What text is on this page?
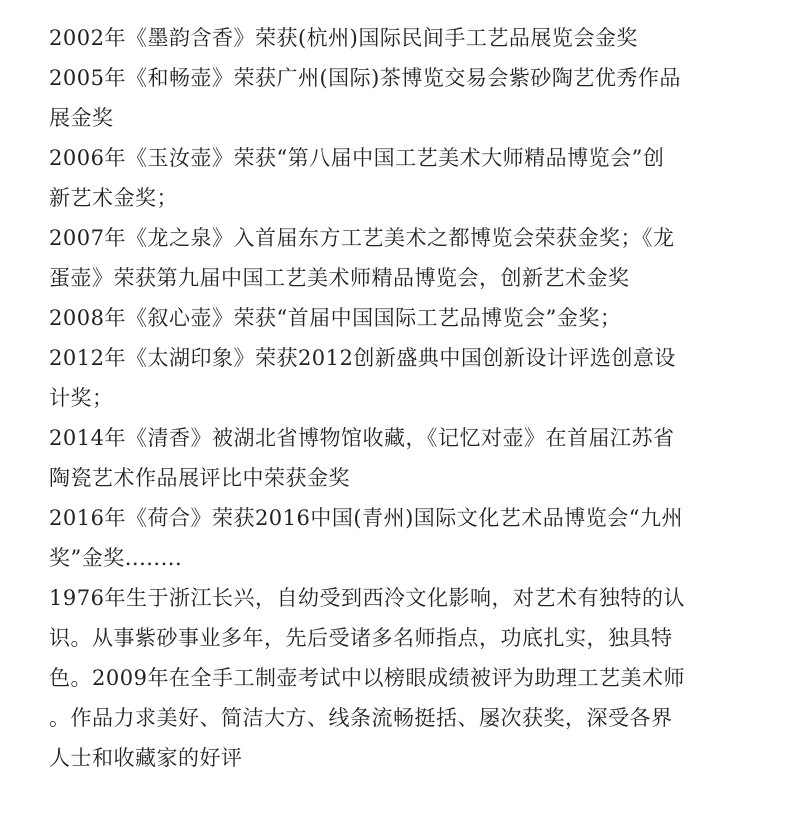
2002年《墨韵含香》荣获(杭州)国际民间手工艺品展览会金奖
2005年《和畅壶》荣获广州(国际)茶博览交易会紫砂陶艺优秀作品
展金奖
2006年《玉汝壶》荣获“第八届中国工艺美术大师精品博览会”创
新艺术金奖；
2007年《龙之泉》入首届东方工艺美术之都博览会荣获金奖；《龙
蛋壶》荣获第九届中国工艺美术师精品博览会，创新艺术金奖
2008年《叙心壶》荣获“首届中国国际工艺品博览会”金奖；
2012年《太湖印象》荣获2012创新盛典中国创新设计评选创意设
计奖；
2014年《清香》被湖北省博物馆收藏，《记忆对壶》在首届江苏省
陶瓷艺术作品展评比中荣获金奖
2016年《荷合》荣获2016中国(青州)国际文化艺术品博览会“九州
奖”金奖........
1976年生于浙江长兴，自幼受到西泠文化影响，对艺术有独特的认
识。从事紫砂事业多年，先后受诸多名师指点，功底扎实，独具特
色。2009年在全手工制壶考试中以榜眼成绩被评为助理工艺美术师
。作品力求美好、简洁大方、线条流畅挺括、屡次获奖，深受各界
人士和收藏家的好评
